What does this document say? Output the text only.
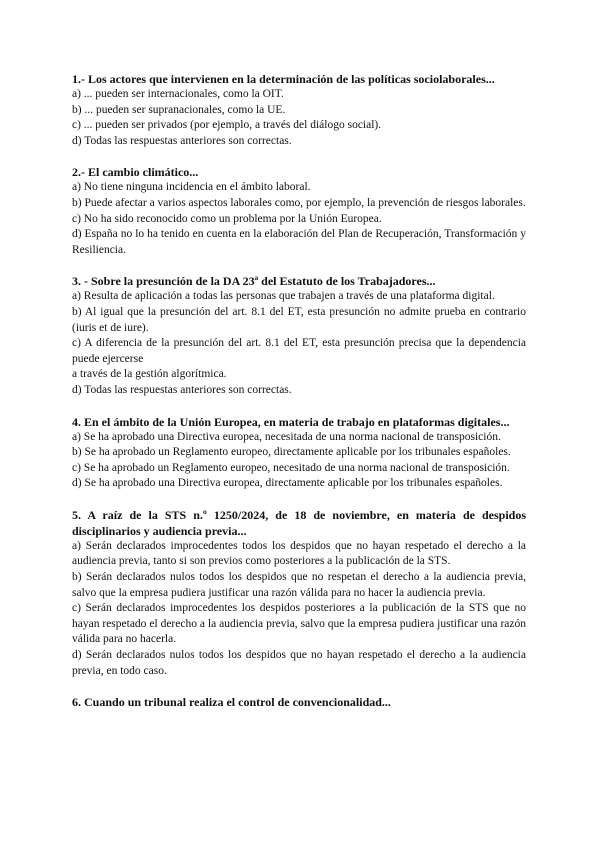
1.- Los actores que intervienen en la determinación de las políticas sociolaborales...

a) ... pueden ser internacionales, como la OIT.

b) ... pueden ser supranacionales, como la UE.

c) ... pueden ser privados (por ejemplo, a través del diálogo social).

d) Todas las respuestas anteriores son correctas.

2.- El cambio climático...

a) No tiene ninguna incidencia en el ámbito laboral.

b) Puede afectar a varios aspectos laborales como, por ejemplo, la prevención de riesgos laborales.

c) No ha sido reconocido como un problema por la Unión Europea.

d) España no lo ha tenido en cuenta en la elaboración del Plan de Recuperación, Transformación y Resiliencia.

3. - Sobre la presunción de la DA 23ª del Estatuto de los Trabajadores...

a) Resulta de aplicación a todas las personas que trabajen a través de una plataforma digital.

b) Al igual que la presunción del art. 8.1 del ET, esta presunción no admite prueba en contrario (iuris et de iure).

c) A diferencia de la presunción del art. 8.1 del ET, esta presunción precisa que la dependencia puede ejercerse

a través de la gestión algorítmica.

d) Todas las respuestas anteriores son correctas.

4. En el ámbito de la Unión Europea, en materia de trabajo en plataformas digitales...

a) Se ha aprobado una Directiva europea, necesitada de una norma nacional de transposición.

b) Se ha aprobado un Reglamento europeo, directamente aplicable por los tribunales españoles.

c) Se ha aprobado un Reglamento europeo, necesitado de una norma nacional de transposición.

d) Se ha aprobado una Directiva europea, directamente aplicable por los tribunales españoles.

5. A raíz de la STS n.º 1250/2024, de 18 de noviembre, en materia de despidos disciplinarios y audiencia previa...

a) Serán declarados improcedentes todos los despidos que no hayan respetado el derecho a la audiencia previa, tanto si son previos como posteriores a la publicación de la STS.

b) Serán declarados nulos todos los despidos que no respetan el derecho a la audiencia previa, salvo que la empresa pudiera justificar una razón válida para no hacer la audiencia previa.

c) Serán declarados improcedentes los despidos posteriores a la publicación de la STS que no hayan respetado el derecho a la audiencia previa, salvo que la empresa pudiera justificar una razón válida para no hacerla.

d) Serán declarados nulos todos los despidos que no hayan respetado el derecho a la audiencia previa, en todo caso.

6. Cuando un tribunal realiza el control de convencionalidad...
